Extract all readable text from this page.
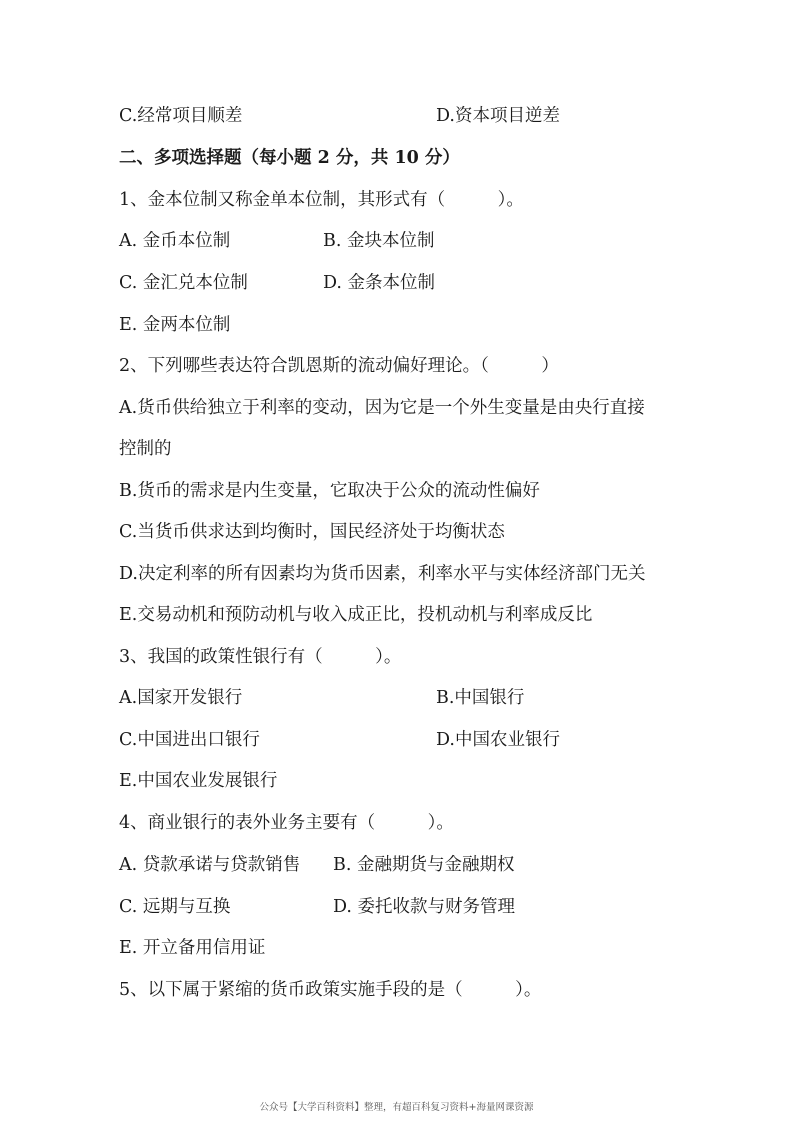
C.经常项目顺差	D.资本项目逆差
二、多项选择题（每小题 2 分，共 10 分）
1、金本位制又称金单本位制，其形式有（　　　）。
A. 金币本位制	B. 金块本位制
C. 金汇兑本位制	D. 金条本位制
E. 金两本位制
2、下列哪些表达符合凯恩斯的流动偏好理论。（　　　）
A.货币供给独立于利率的变动，因为它是一个外生变量是由央行直接
控制的
B.货币的需求是内生变量，它取决于公众的流动性偏好
C.当货币供求达到均衡时，国民经济处于均衡状态
D.决定利率的所有因素均为货币因素，利率水平与实体经济部门无关
E.交易动机和预防动机与收入成正比，投机动机与利率成反比
3、我国的政策性银行有（　　　）。
A.国家开发银行	B.中国银行
C.中国进出口银行	D.中国农业银行
E.中国农业发展银行
4、商业银行的表外业务主要有（　　　）。
A. 贷款承诺与贷款销售 B. 金融期货与金融期权
C. 远期与互换	D. 委托收款与财务管理
E. 开立备用信用证
5、以下属于紧缩的货币政策实施手段的是（　　　）。
公众号【大学百科资料】整理，有超百科复习资料+海量网课资源
